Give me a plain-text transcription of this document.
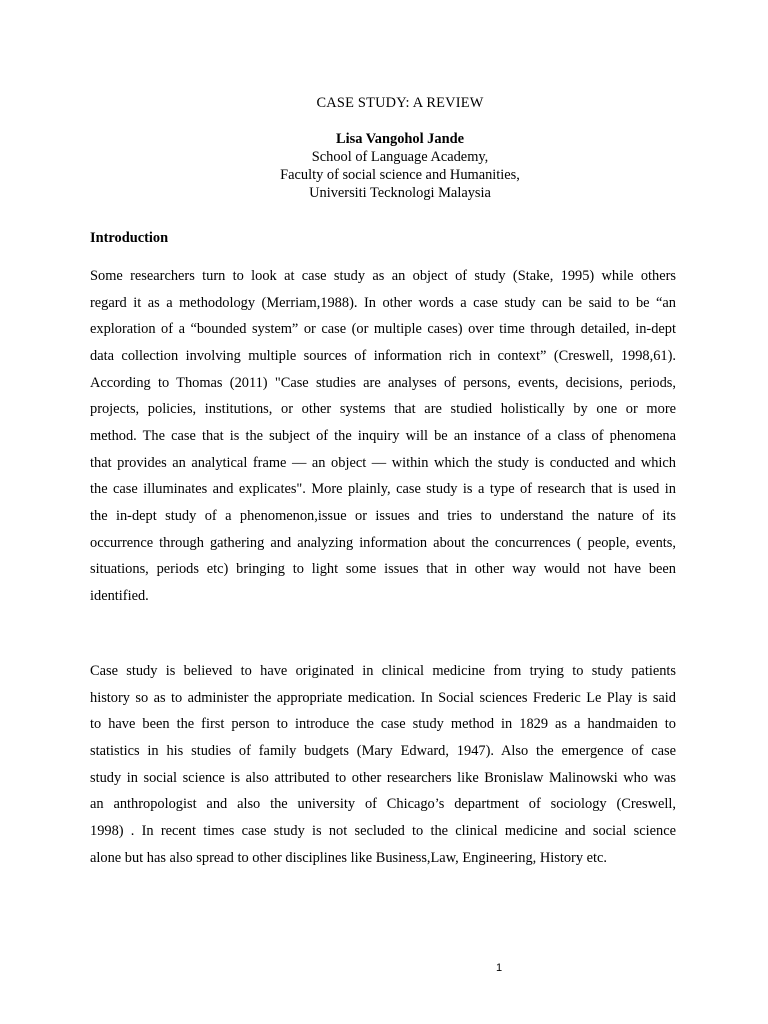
CASE STUDY: A REVIEW
Lisa Vangohol Jande
School of Language Academy,
Faculty of social science and Humanities,
Universiti Tecknologi Malaysia
Introduction
Some researchers turn to look at case study as an object of study (Stake, 1995) while others
regard it as a methodology (Merriam,1988). In other words a case study can be said to be “an
exploration of a “bounded system” or case (or multiple cases) over time through detailed, in-dept
data collection involving multiple sources of information rich in context” (Creswell, 1998,61).
According to Thomas (2011) "Case studies are analyses of persons, events, decisions, periods,
projects, policies, institutions, or other systems that are studied holistically by one or more
method. The case that is the subject of the inquiry will be an instance of a class of phenomena
that provides an analytical frame — an object — within which the study is conducted and which
the case illuminates and explicates". More plainly, case study is a type of research that is used in
the in-dept study of a phenomenon,issue or issues and tries to understand the nature of its
occurrence through gathering and analyzing information about the concurrences ( people, events,
situations, periods etc) bringing to light some issues that in other way would not have been
identified.
Case study is believed to have originated in clinical medicine from trying to study patients
history so as to administer the appropriate medication. In Social sciences Frederic Le Play is said
to have been the first person to introduce the case study method in 1829 as a handmaiden to
statistics in his studies of family budgets (Mary Edward, 1947). Also the emergence of case
study in social science is also attributed to other researchers like Bronislaw Malinowski who was
an anthropologist and also the university of Chicago’s department of sociology (Creswell,
1998) . In recent times case study is not secluded to the clinical medicine and social science
alone but has also spread to other disciplines like Business,Law, Engineering, History etc.
1
